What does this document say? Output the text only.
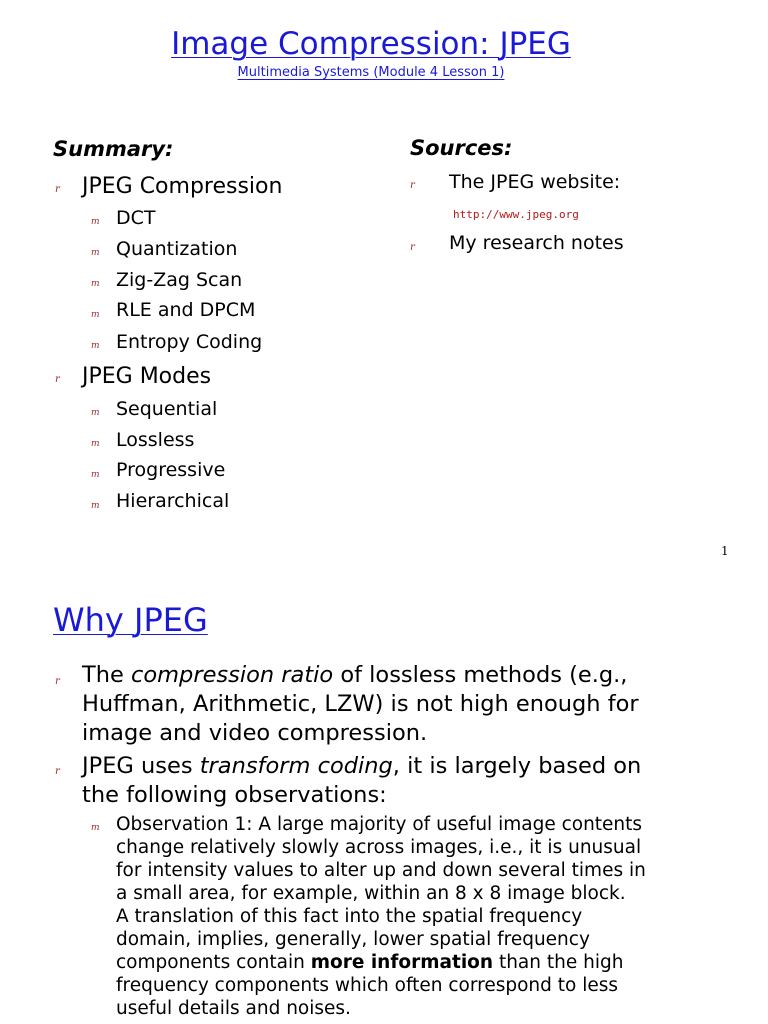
Image Compression: JPEG
Multimedia Systems (Module 4 Lesson 1)
Summary:
r JPEG Compression
m DCT
m Quantization
m Zig-Zag Scan
m RLE and DPCM
m Entropy Coding
r JPEG Modes
m Sequential
m Lossless
m Progressive
m Hierarchical
Sources:
r The JPEG website:
http://www.jpeg.org
r My research notes
1
Why JPEG
r The compression ratio of lossless methods (e.g.,
Huffman, Arithmetic, LZW) is not high enough for
image and video compression.
r JPEG uses transform coding, it is largely based on
the following observations:
m Observation 1: A large majority of useful image contents
change relatively slowly across images, i.e., it is unusual
for intensity values to alter up and down several times in
a small area, for example, within an 8 x 8 image block.
A translation of this fact into the spatial frequency
domain, implies, generally, lower spatial frequency
components contain more information than the high
frequency components which often correspond to less
useful details and noises.
